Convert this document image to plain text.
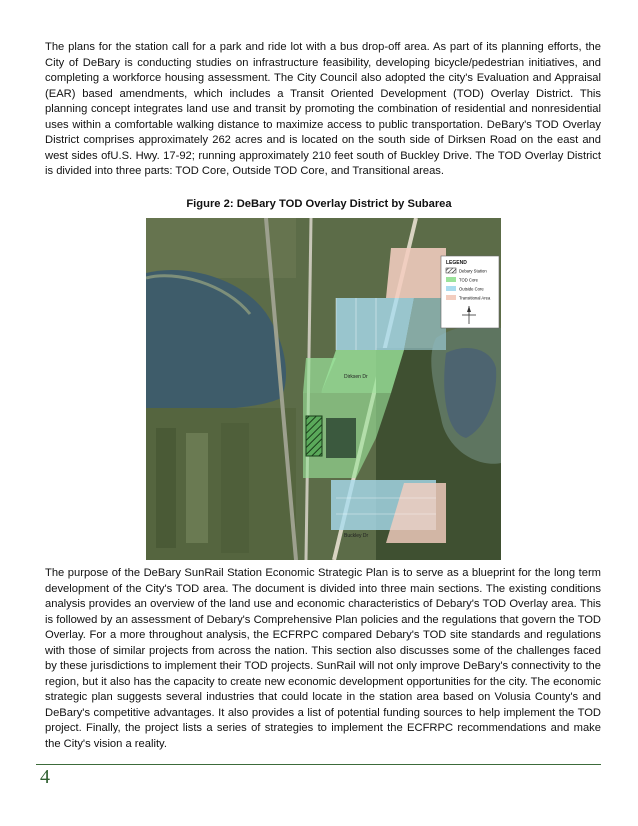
The plans for the station call for a park and ride lot with a bus drop-off area. As part of its planning efforts, the City of DeBary is conducting studies on infrastructure feasibility, developing bicycle/pedestrian initiatives, and completing a workforce housing assessment. The City Council also adopted the city's Evaluation and Appraisal (EAR) based amendments, which includes a Transit Oriented Development (TOD) Overlay District. This planning concept integrates land use and transit by promoting the combination of residential and nonresidential uses within a comfortable walking distance to maximize access to public transportation. DeBary's TOD Overlay District comprises approximately 262 acres and is located on the south side of Dirksen Road on the east and west sides ofU.S. Hwy. 17-92; running approximately 210 feet south of Buckley Drive. The TOD Overlay District is divided into three parts: TOD Core, Outside TOD Core, and Transitional areas.

Figure 2: DeBary TOD Overlay District by Subarea
Dirksen Dr
Buckley Dr
LEGEND
Debary Station
TOD Core
Outside Core
Transitional Area

The purpose of the DeBary SunRail Station Economic Strategic Plan is to serve as a blueprint for the long term development of the City's TOD area. The document is divided into three main sections. The existing conditions analysis provides an overview of the land use and economic characteristics of Debary's TOD Overlay area. This is followed by an assessment of Debary's Comprehensive Plan policies and the regulations that govern the TOD Overlay. For a more throughout analysis, the ECFRPC compared Debary's TOD site standards and regulations with those of similar projects from across the nation. This section also discusses some of the challenges faced by these jurisdictions to implement their TOD projects. SunRail will not only improve DeBary's connectivity to the region, but it also has the capacity to create new economic development opportunities for the city. The economic strategic plan suggests several industries that could locate in the station area based on Volusia County's and DeBary's competitive advantages. It also provides a list of potential funding sources to help implement the TOD project. Finally, the project lists a series of strategies to implement the ECFRPC recommendations and make the City's vision a reality.

4
